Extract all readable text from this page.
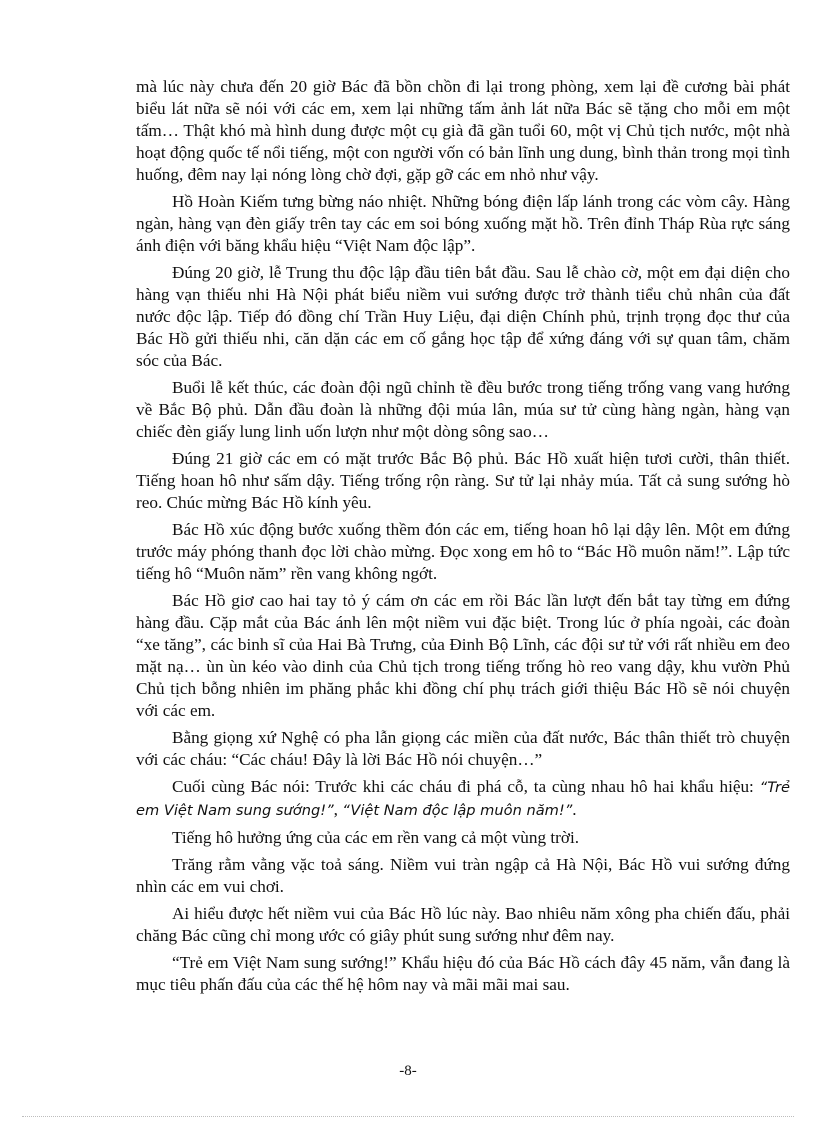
mà lúc này chưa đến 20 giờ Bác đã bồn chồn đi lại trong phòng, xem lại đề cương bài phát biểu lát nữa sẽ nói với các em, xem lại những tấm ảnh lát nữa Bác sẽ tặng cho mỗi em một tấm… Thật khó mà hình dung được một cụ già đã gần tuổi 60, một vị Chủ tịch nước, một nhà hoạt động quốc tế nổi tiếng, một con người vốn có bản lĩnh ung dung, bình thản trong mọi tình huống, đêm nay lại nóng lòng chờ đợi, gặp gỡ các em nhỏ như vậy.

Hồ Hoàn Kiếm tưng bừng náo nhiệt. Những bóng điện lấp lánh trong các vòm cây. Hàng ngàn, hàng vạn đèn giấy trên tay các em soi bóng xuống mặt hồ. Trên đỉnh Tháp Rùa rực sáng ánh điện với băng khẩu hiệu “Việt Nam độc lập”.

Đúng 20 giờ, lễ Trung thu độc lập đầu tiên bắt đầu. Sau lễ chào cờ, một em đại diện cho hàng vạn thiếu nhi Hà Nội phát biểu niềm vui sướng được trở thành tiểu chủ nhân của đất nước độc lập. Tiếp đó đồng chí Trần Huy Liệu, đại diện Chính phủ, trịnh trọng đọc thư của Bác Hồ gửi thiếu nhi, căn dặn các em cố gắng học tập để xứng đáng với sự quan tâm, chăm sóc của Bác.

Buổi lễ kết thúc, các đoàn đội ngũ chỉnh tề đều bước trong tiếng trống vang vang hướng về Bắc Bộ phủ. Dẫn đầu đoàn là những đội múa lân, múa sư tử cùng hàng ngàn, hàng vạn chiếc đèn giấy lung linh uốn lượn như một dòng sông sao…

Đúng 21 giờ các em có mặt trước Bắc Bộ phủ. Bác Hồ xuất hiện tươi cười, thân thiết. Tiếng hoan hô như sấm dậy. Tiếng trống rộn ràng. Sư tử lại nhảy múa. Tất cả sung sướng hò reo. Chúc mừng Bác Hồ kính yêu.

Bác Hồ xúc động bước xuống thềm đón các em, tiếng hoan hô lại dậy lên. Một em đứng trước máy phóng thanh đọc lời chào mừng. Đọc xong em hô to “Bác Hồ muôn năm!”. Lập tức tiếng hô “Muôn năm” rền vang không ngớt.

Bác Hồ giơ cao hai tay tỏ ý cám ơn các em rồi Bác lần lượt đến bắt tay từng em đứng hàng đầu. Cặp mắt của Bác ánh lên một niềm vui đặc biệt. Trong lúc ở phía ngoài, các đoàn “xe tăng”, các binh sĩ của Hai Bà Trưng, của Đinh Bộ Lĩnh, các đội sư tử với rất nhiều em đeo mặt nạ… ùn ùn kéo vào dinh của Chủ tịch trong tiếng trống hò reo vang dậy, khu vườn Phủ Chủ tịch bỗng nhiên im phăng phắc khi đồng chí phụ trách giới thiệu Bác Hồ sẽ nói chuyện với các em.

Bằng giọng xứ Nghệ có pha lẫn giọng các miền của đất nước, Bác thân thiết trò chuyện với các cháu: “Các cháu! Đây là lời Bác Hồ nói chuyện…”

Cuối cùng Bác nói: Trước khi các cháu đi phá cỗ, ta cùng nhau hô hai khẩu hiệu: “Trẻ em Việt Nam sung sướng!”, “Việt Nam độc lập muôn năm!”.

Tiếng hô hưởng ứng của các em rền vang cả một vùng trời.

Trăng rằm vằng vặc toả sáng. Niềm vui tràn ngập cả Hà Nội, Bác Hồ vui sướng đứng nhìn các em vui chơi.

Ai hiểu được hết niềm vui của Bác Hồ lúc này. Bao nhiêu năm xông pha chiến đấu, phải chăng Bác cũng chỉ mong ước có giây phút sung sướng như đêm nay.

“Trẻ em Việt Nam sung sướng!” Khẩu hiệu đó của Bác Hồ cách đây 45 năm, vẫn đang là mục tiêu phấn đấu của các thế hệ hôm nay và mãi mãi mai sau.

-8-
